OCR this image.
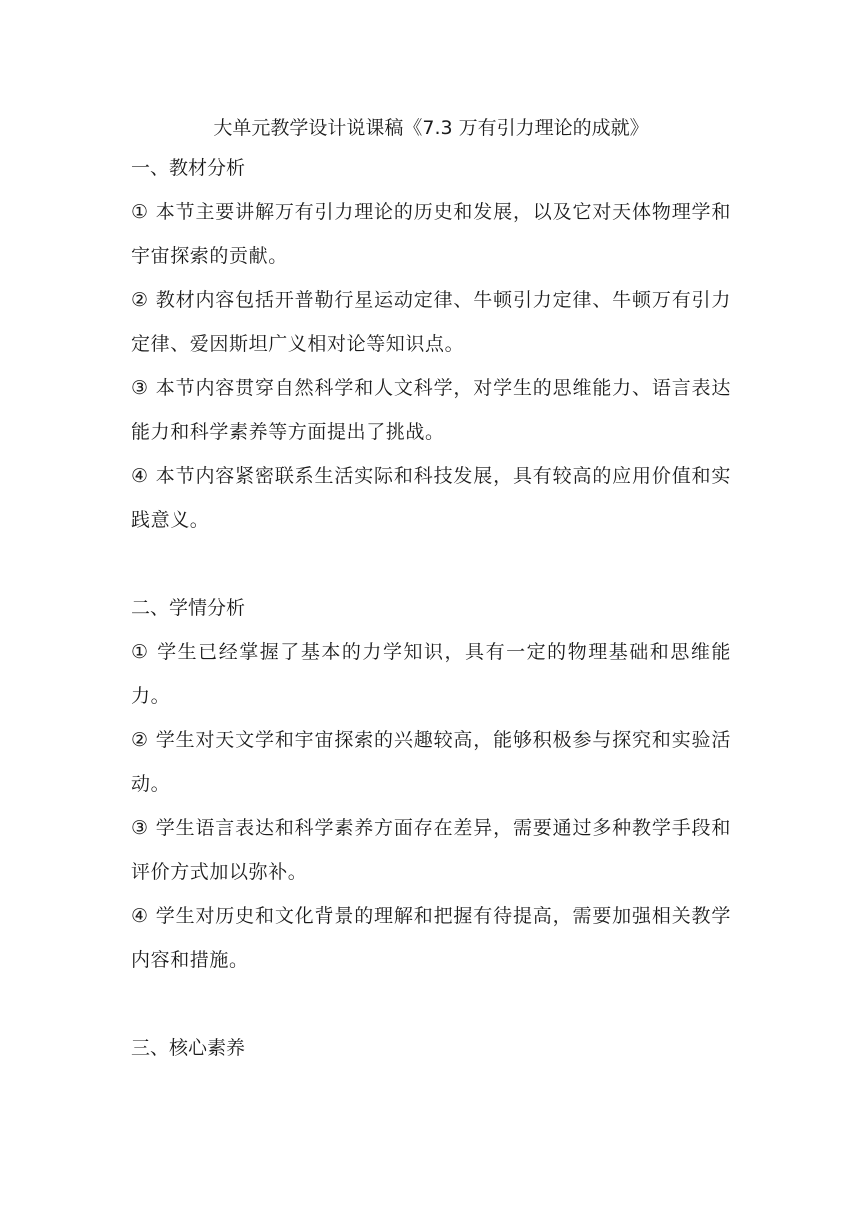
大单元教学设计说课稿《7.3 万有引力理论的成就》
一、教材分析

① 本节主要讲解万有引力理论的历史和发展，以及它对天体物理学和宇宙探索的贡献。

② 教材内容包括开普勒行星运动定律、牛顿引力定律、牛顿万有引力定律、爱因斯坦广义相对论等知识点。

③ 本节内容贯穿自然科学和人文科学，对学生的思维能力、语言表达能力和科学素养等方面提出了挑战。

④ 本节内容紧密联系生活实际和科技发展，具有较高的应用价值和实践意义。

二、学情分析

① 学生已经掌握了基本的力学知识，具有一定的物理基础和思维能力。

② 学生对天文学和宇宙探索的兴趣较高，能够积极参与探究和实验活动。

③ 学生语言表达和科学素养方面存在差异，需要通过多种教学手段和评价方式加以弥补。

④ 学生对历史和文化背景的理解和把握有待提高，需要加强相关教学内容和措施。

三、核心素养
